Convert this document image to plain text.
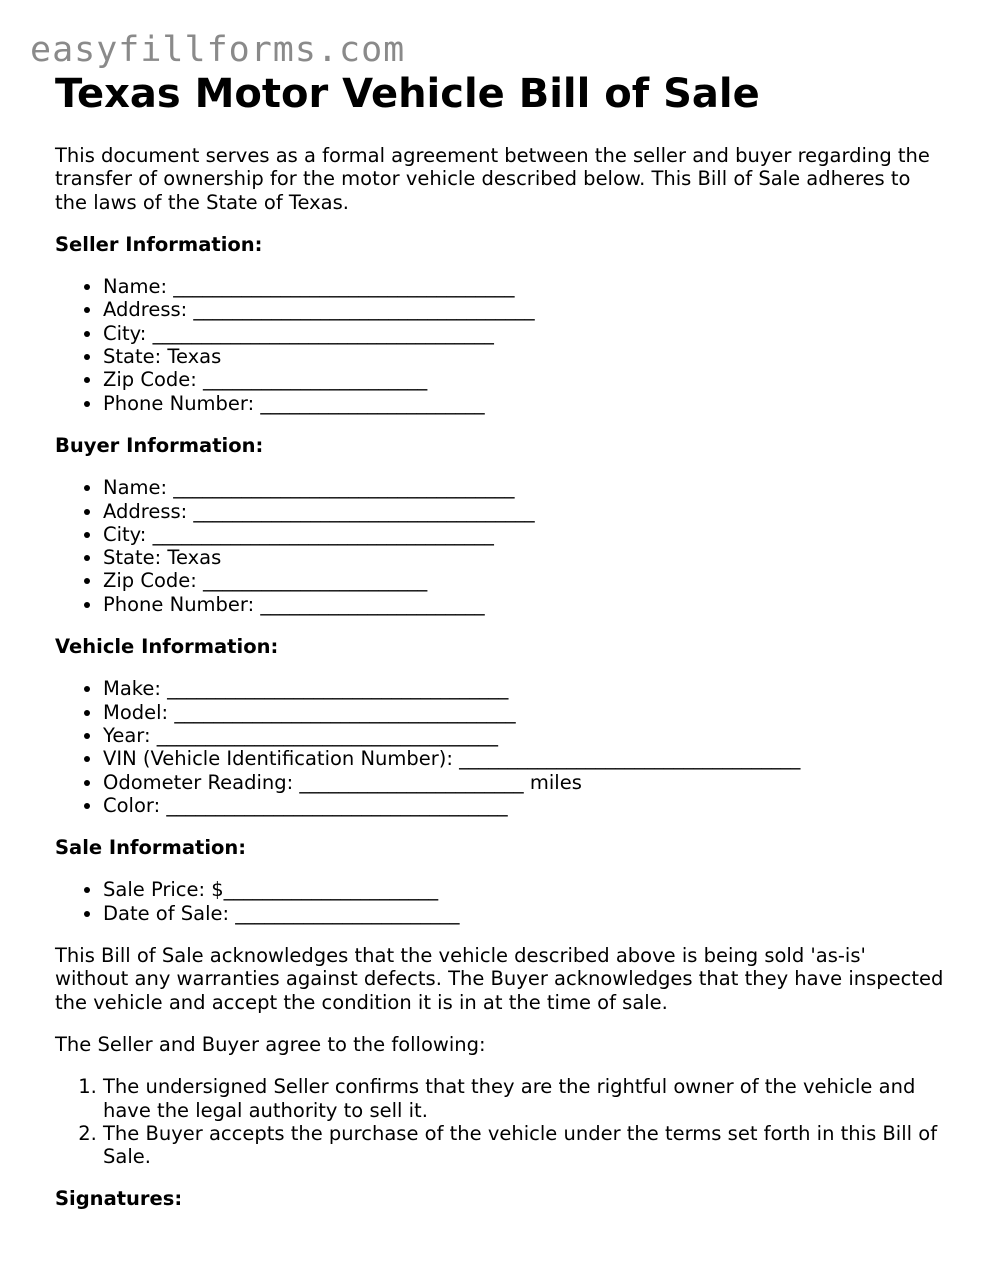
easyfillforms.com
Texas Motor Vehicle Bill of Sale

This document serves as a formal agreement between the seller and buyer regarding the transfer of ownership for the motor vehicle described below. This Bill of Sale adheres to the laws of the State of Texas.

Seller Information:
• Name: ___________________________________
• Address: ___________________________________
• City: ___________________________________
• State: Texas
• Zip Code: _______________________
• Phone Number: _______________________
Buyer Information:
• Name: ___________________________________
• Address: ___________________________________
• City: ___________________________________
• State: Texas
• Zip Code: _______________________
• Phone Number: _______________________
Vehicle Information:
• Make: ___________________________________
• Model: ___________________________________
• Year: ___________________________________
• VIN (Vehicle Identification Number): ___________________________________
• Odometer Reading: _______________________ miles
• Color: ___________________________________
Sale Information:
• Sale Price: $______________________
• Date of Sale: _______________________

This Bill of Sale acknowledges that the vehicle described above is being sold 'as-is' without any warranties against defects. The Buyer acknowledges that they have inspected the vehicle and accept the condition it is in at the time of sale.

The Seller and Buyer agree to the following:

1. The undersigned Seller confirms that they are the rightful owner of the vehicle and have the legal authority to sell it.
2. The Buyer accepts the purchase of the vehicle under the terms set forth in this Bill of Sale.
Signatures:
